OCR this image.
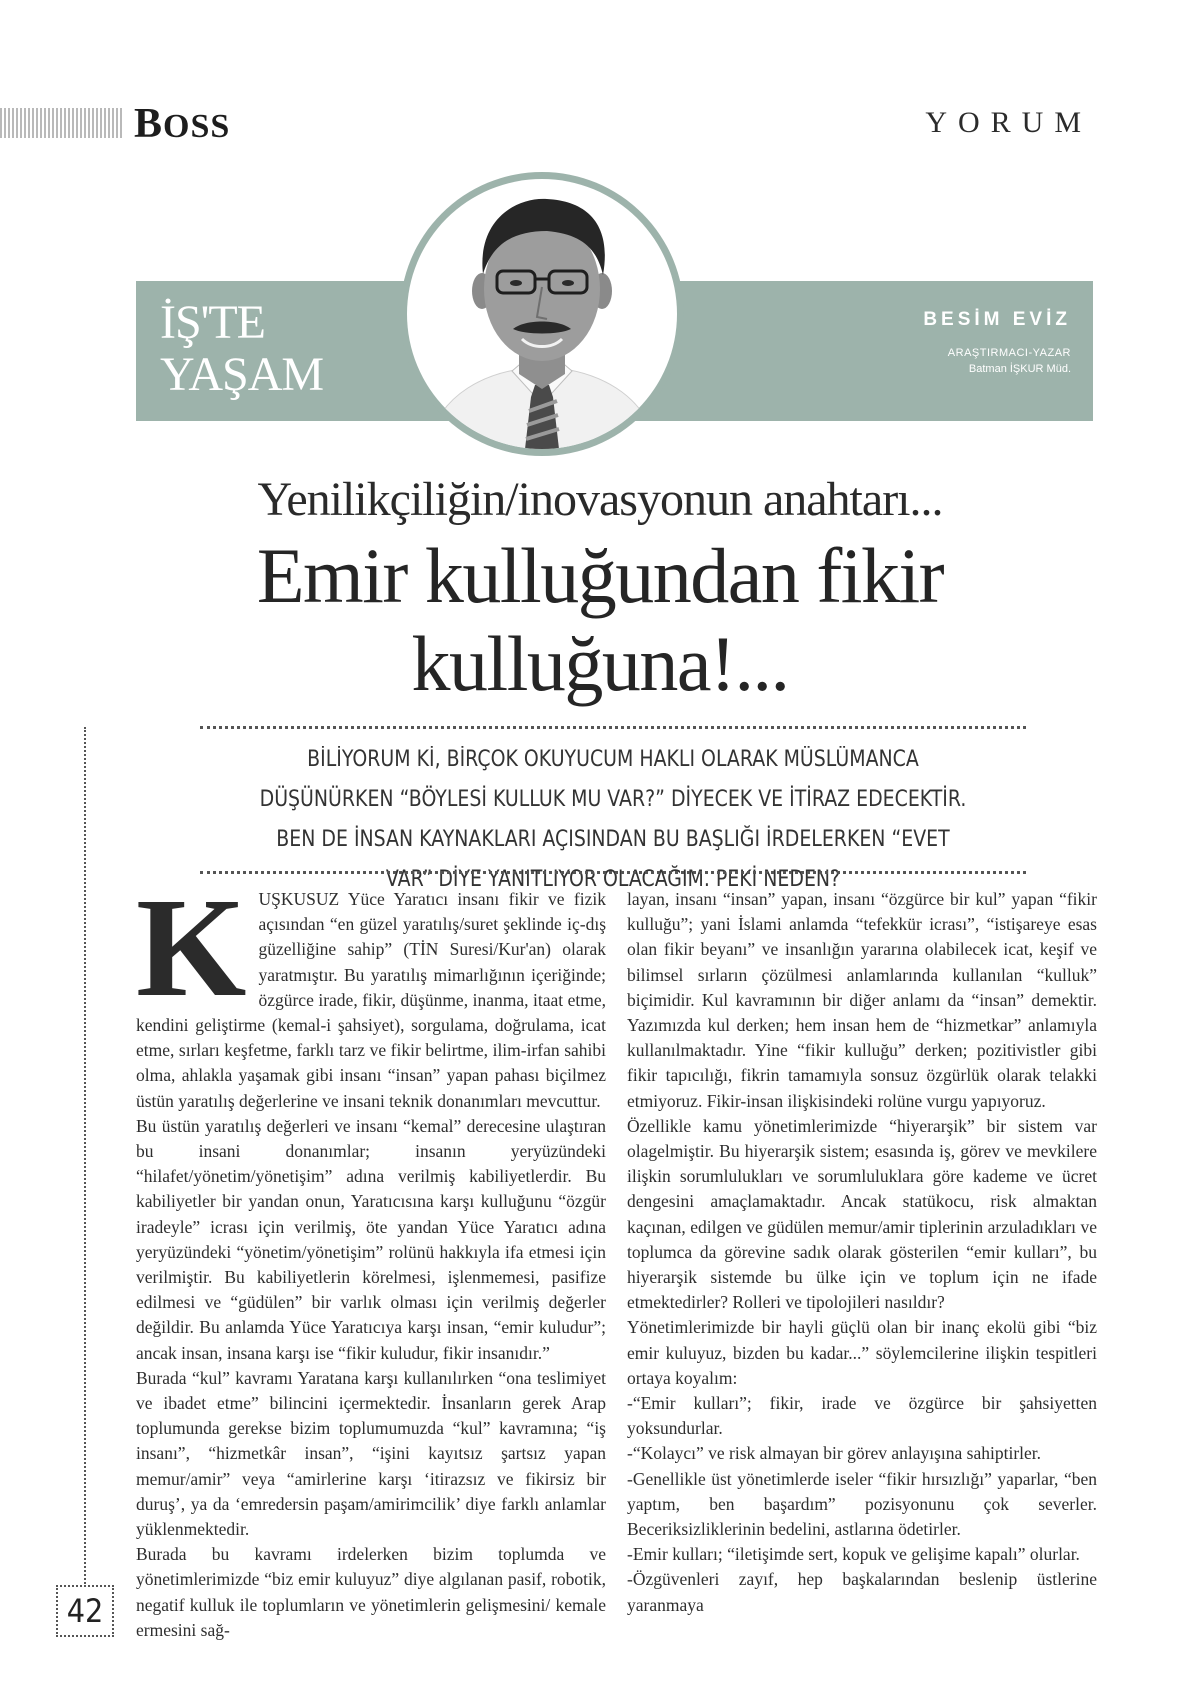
BOSS	YORUM
İŞ'TE
YAŞAM
BESİM EVİZ
ARAŞTIRMACI-YAZAR
Batman İŞKUR Müd.
Yenilikçiliğin/inovasyonun anahtarı...
Emir kulluğundan fikir
kulluğuna!...
BİLİYORUM Kİ, BİRÇOK OKUYUCUM HAKLI OLARAK MÜSLÜMANCA DÜŞÜNÜRKEN “BÖYLESİ KULLUK MU VAR?” DİYECEK VE İTİRAZ EDECEKTİR. BEN DE İNSAN KAYNAKLARI AÇISINDAN BU BAŞLIĞI İRDELERKEN “EVET VAR” DİYE YANITLIYOR OLACAĞIM. PEKİ NEDEN?
42
K UŞKUSUZ Yüce Yaratıcı insanı fikir ve fizik açısından “en güzel yaratılış/suret şeklinde iç-dış güzelliğine sahip” (TİN Suresi/Kur'an) olarak yaratmıştır. Bu yaratılış mimarlığının içeriğinde; özgürce irade, fikir, düşünme, inanma, itaat etme, kendini geliştirme (kemal-i şahsiyet), sorgulama, doğrulama, icat etme, sırları keşfetme, farklı tarz ve fikir belirtme, ilim-irfan sahibi olma, ahlakla yaşamak gibi insanı “insan” yapan pahası biçilmez üstün yaratılış değerlerine ve insani teknik donanımları mevcuttur.

Bu üstün yaratılış değerleri ve insanı “kemal” derecesine ulaştıran bu insani donanımlar; insanın yeryüzündeki “hilafet/yönetim/yönetişim” adına verilmiş kabiliyetlerdir. Bu kabiliyetler bir yandan onun, Yaratıcısına karşı kulluğunu “özgür iradeyle” icrası için verilmiş, öte yandan Yüce Yaratıcı adına yeryüzündeki “yönetim/yönetişim” rolünü hakkıyla ifa etmesi için verilmiştir. Bu kabiliyetlerin körelmesi, işlenmemesi, pasifize edilmesi ve “güdülen” bir varlık olması için verilmiş değerler değildir. Bu anlamda Yüce Yaratıcıya karşı insan, “emir kuludur”; ancak insan, insana karşı ise “fikir kuludur, fikir insanıdır.”

Burada “kul” kavramı Yaratana karşı kullanılırken “ona teslimiyet ve ibadet etme” bilincini içermektedir. İnsanların gerek Arap toplumunda gerekse bizim toplumumuzda “kul” kavramına; “iş insanı”, “hizmetkâr insan”, “işini kayıtsız şartsız yapan memur/amir” veya “amirlerine karşı ‘itirazsız ve fikirsiz bir duruş’, ya da ‘emredersin paşam/amirimcilik’ diye farklı anlamlar yüklenmektedir.

Burada bu kavramı irdelerken bizim toplumda ve yönetimlerimizde “biz emir kuluyuz” diye algılanan pasif, robotik, negatif kulluk ile toplumların ve yönetimlerin gelişmesini/ kemale ermesini sağ-

layan, insanı “insan” yapan, insanı “özgürce bir kul” yapan “fikir kulluğu”; yani İslami anlamda “tefekkür icrası”, “istişareye esas olan fikir beyanı” ve insanlığın yararına olabilecek icat, keşif ve bilimsel sırların çözülmesi anlamlarında kullanılan “kulluk” biçimidir. Kul kavramının bir diğer anlamı da “insan” demektir. Yazımızda kul derken; hem insan hem de “hizmetkar” anlamıyla kullanılmaktadır. Yine “fikir kulluğu” derken; pozitivistler gibi fikir tapıcılığı, fikrin tamamıyla sonsuz özgürlük olarak telakki etmiyoruz. Fikir-insan ilişkisindeki rolüne vurgu yapıyoruz.

Özellikle kamu yönetimlerimizde “hiyerarşik” bir sistem var olagelmiştir. Bu hiyerarşik sistem; esasında iş, görev ve mevkilere ilişkin sorumlulukları ve sorumluluklara göre kademe ve ücret dengesini amaçlamaktadır. Ancak statükocu, risk almaktan kaçınan, edilgen ve güdülen memur/amir tiplerinin arzuladıkları ve toplumca da görevine sadık olarak gösterilen “emir kulları”, bu hiyerarşik sistemde bu ülke için ve toplum için ne ifade etmektedirler? Rolleri ve tipolojileri nasıldır?

Yönetimlerimizde bir hayli güçlü olan bir inanç ekolü gibi “biz emir kuluyuz, bizden bu kadar...” söylemcilerine ilişkin tespitleri ortaya koyalım:

-“Emir kulları”; fikir, irade ve özgürce bir şahsiyetten yoksundurlar.

-“Kolaycı” ve risk almayan bir görev anlayışına sahiptirler.

-Genellikle üst yönetimlerde iseler “fikir hırsızlığı” yaparlar, “ben yaptım, ben başardım” pozisyonunu çok severler. Beceriksizliklerinin bedelini, astlarına ödetirler.

-Emir kulları; “iletişimde sert, kopuk ve gelişime kapalı” olurlar.

-Özgüvenleri zayıf, hep başkalarından beslenip üstlerine yaranmaya
